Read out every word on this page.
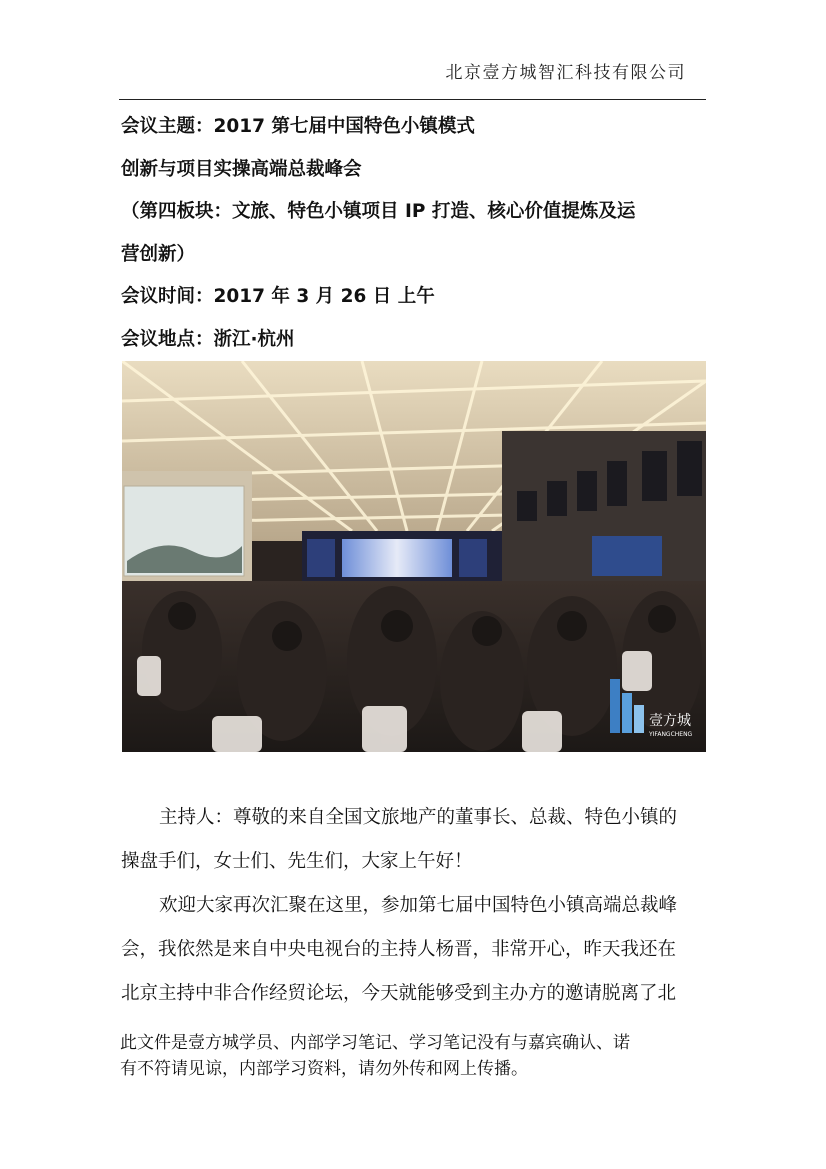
北京壹方城智汇科技有限公司
会议主题：2017 第七届中国特色小镇模式
创新与项目实操高端总裁峰会
（第四板块：文旅、特色小镇项目 IP 打造、核心价值提炼及运
营创新）
会议时间：2017 年 3 月 26 日 上午
会议地点：浙江·杭州
壹方城
YIFANGCHENG

主持人：尊敬的来自全国文旅地产的董事长、总裁、特色小镇的

操盘手们，女士们、先生们，大家上午好！

欢迎大家再次汇聚在这里，参加第七届中国特色小镇高端总裁峰

会，我依然是来自中央电视台的主持人杨晋，非常开心，昨天我还在

北京主持中非合作经贸论坛，今天就能够受到主办方的邀请脱离了北

此文件是壹方城学员、内部学习笔记、学习笔记没有与嘉宾确认、诺
有不符请见谅，内部学习资料，请勿外传和网上传播。
